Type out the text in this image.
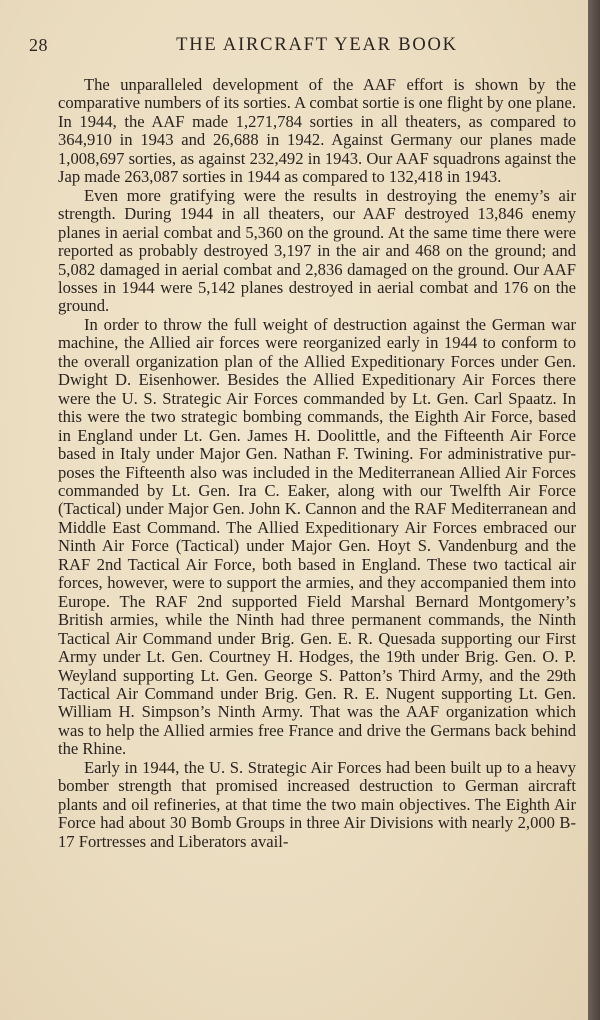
28	THE AIRCRAFT YEAR BOOK

The unparalleled development of the AAF effort is shown by the comparative numbers of its sorties. A combat sortie is one flight by one plane. In 1944, the AAF made 1,271,784 sorties in all theaters, as compared to 364,910 in 1943 and 26,688 in 1942. Against Germany our planes made 1,008,697 sorties, as against 232,492 in 1943. Our AAF squadrons against the Jap made 263,087 sorties in 1944 as compared to 132,418 in 1943.

Even more gratifying were the results in destroying the enemy’s air strength. During 1944 in all theaters, our AAF destroyed 13,846 enemy planes in aerial combat and 5,360 on the ground. At the same time there were reported as probably destroyed 3,197 in the air and 468 on the ground; and 5,082 damaged in aerial combat and 2,836 damaged on the ground. Our AAF losses in 1944 were 5,142 planes destroyed in aerial combat and 176 on the ground.

In order to throw the full weight of destruction against the German war machine, the Allied air forces were reorganized early in 1944 to conform to the overall organization plan of the Allied Expeditionary Forces under Gen. Dwight D. Eisenhower. Besides the Allied Expeditionary Air Forces there were the U. S. Strategic Air Forces commanded by Lt. Gen. Carl Spaatz. In this were the two strategic bombing commands, the Eighth Air Force, based in England under Lt. Gen. James H. Doolittle, and the Fifteenth Air Force based in Italy under Major Gen. Nathan F. Twining. For administrative purposes the Fifteenth also was included in the Mediterranean Allied Air Forces commanded by Lt. Gen. Ira C. Eaker, along with our Twelfth Air Force (Tactical) under Major Gen. John K. Cannon and the RAF Mediterranean and Middle East Command. The Allied Expeditionary Air Forces embraced our Ninth Air Force (Tactical) under Major Gen. Hoyt S. Vandenburg and the RAF 2nd Tactical Air Force, both based in England. These two tactical air forces, however, were to support the armies, and they accompanied them into Europe. The RAF 2nd supported Field Marshal Bernard Montgomery’s British armies, while the Ninth had three permanent commands, the Ninth Tactical Air Command under Brig. Gen. E. R. Quesada supporting our First Army under Lt. Gen. Courtney H. Hodges, the 19th under Brig. Gen. O. P. Weyland supporting Lt. Gen. George S. Patton’s Third Army, and the 29th Tactical Air Command under Brig. Gen. R. E. Nugent supporting Lt. Gen. William H. Simpson’s Ninth Army. That was the AAF organization which was to help the Allied armies free France and drive the Germans back behind the Rhine.

Early in 1944, the U. S. Strategic Air Forces had been built up to a heavy bomber strength that promised increased destruction to German aircraft plants and oil refineries, at that time the two main objectives. The Eighth Air Force had about 30 Bomb Groups in three Air Divisions with nearly 2,000 B-17 Fortresses and Liberators avail-
